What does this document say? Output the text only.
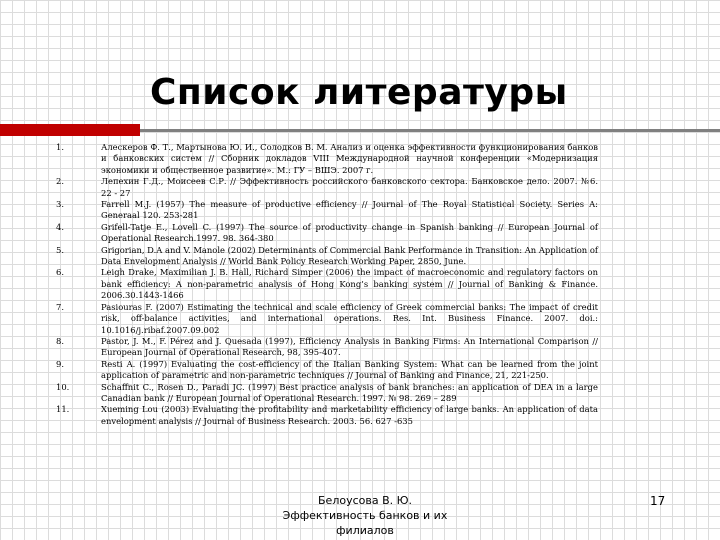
Список литературы
1.	Алескеров Ф. Т., Мартынова Ю. И., Солодков В. М. Анализ и оценка эффективности функционирования банков и банковских систем // Сборник докладов VIII Международной научной конференции «Модернизация экономики и общественное развитие». М.: ГУ – ВШЭ. 2007 г.
2.	Лепехин Г.Д., Моисеев С.Р. // Эффективность российского банковского сектора. Банковское дело. 2007. №6. 22 - 27
3.	Farrell M.J. (1957) The measure of productive efficiency // Journal of The Royal Statistical Society. Series A: Generaal 120. 253-281
4.	Grifell-Tatje E., Lovell C. (1997) The source of productivity change in Spanish banking // European Journal of Operational Research.1997. 98. 364-380
5.	Grigorian, D.A and V. Manole (2002) Determinants of Commercial Bank Performance in Transition: An Application of Data Envelopment Analysis // World Bank Policy Research Working Paper, 2850, June.
6.	Leigh Drake, Maximilian J. B. Hall, Richard Simper (2006) the impact of macroeconomic and regulatory factors on bank efficiency: A non-parametric analysis of Hong Kong’s banking system // Journal of Banking & Finance. 2006.30.1443-1466
7.	Pasiouras F. (2007) Estimating the technical and scale efficiency of Greek commercial banks: The impact of credit risk, off-balance activities, and international operations. Res. Int. Business Finance. 2007. doi.: 10.1016/j.ribaf.2007.09.002
8.	Pastor, J. M., F. Pérez and J. Quesada (1997), Efficiency Analysis in Banking Firms: An International Comparison // European Journal of Operational Research, 98, 395-407.
9.	Resti A. (1997) Evaluating the cost-efficiency of the Italian Banking System: What can be learned from the joint application of parametric and non-parametric techniques // Journal of Banking and Finance, 21, 221-250.
10.	Schaffnit C., Rosen D., Paradi JC. (1997) Best practice analysis of bank branches: an application of DEA in a large Canadian bank // European Journal of Operational Research. 1997. № 98. 269 – 289
11.	Xueming Lou (2003) Evaluating the profitability and marketability efficiency of large banks. An application of data envelopment analysis // Journal of Business Research. 2003. 56. 627 -635
Белоусова В. Ю.
Эффективность банков и их
филиалов
17
